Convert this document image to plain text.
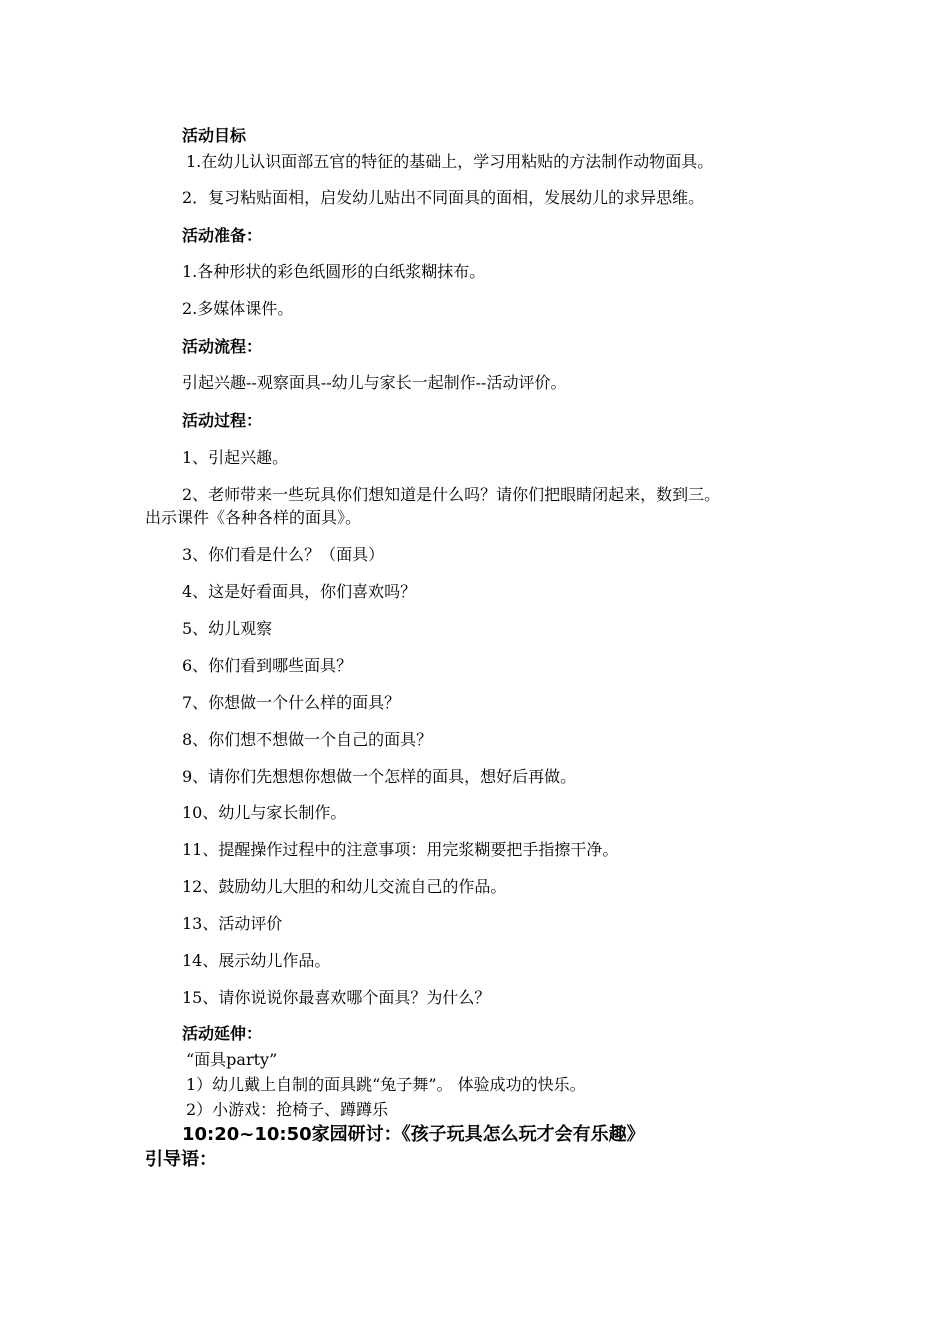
活动目标
1.在幼儿认识面部五官的特征的基础上，学习用粘贴的方法制作动物面具。
2．复习粘贴面相，启发幼儿贴出不同面具的面相，发展幼儿的求异思维。
活动准备：
1.各种形状的彩色纸圆形的白纸浆糊抹布。
2.多媒体课件。
活动流程：
引起兴趣--观察面具--幼儿与家长一起制作--活动评价。
活动过程：
1、引起兴趣。
2、老师带来一些玩具你们想知道是什么吗？请你们把眼睛闭起来，数到三。
出示课件《各种各样的面具》。
3、你们看是什么？（面具）
4、这是好看面具，你们喜欢吗？
5、幼儿观察
6、你们看到哪些面具？
7、你想做一个什么样的面具？
8、你们想不想做一个自己的面具？
9、请你们先想想你想做一个怎样的面具，想好后再做。
10、幼儿与家长制作。
11、提醒操作过程中的注意事项：用完浆糊要把手指擦干净。
12、鼓励幼儿大胆的和幼儿交流自己的作品。
13、活动评价
14、展示幼儿作品。
15、请你说说你最喜欢哪个面具？为什么？
活动延伸：
“面具party”
1）幼儿戴上自制的面具跳“兔子舞”。 体验成功的快乐。
2）小游戏：抢椅子、蹲蹲乐
10:20~10:50家园研讨：《孩子玩具怎么玩才会有乐趣》
引导语：
